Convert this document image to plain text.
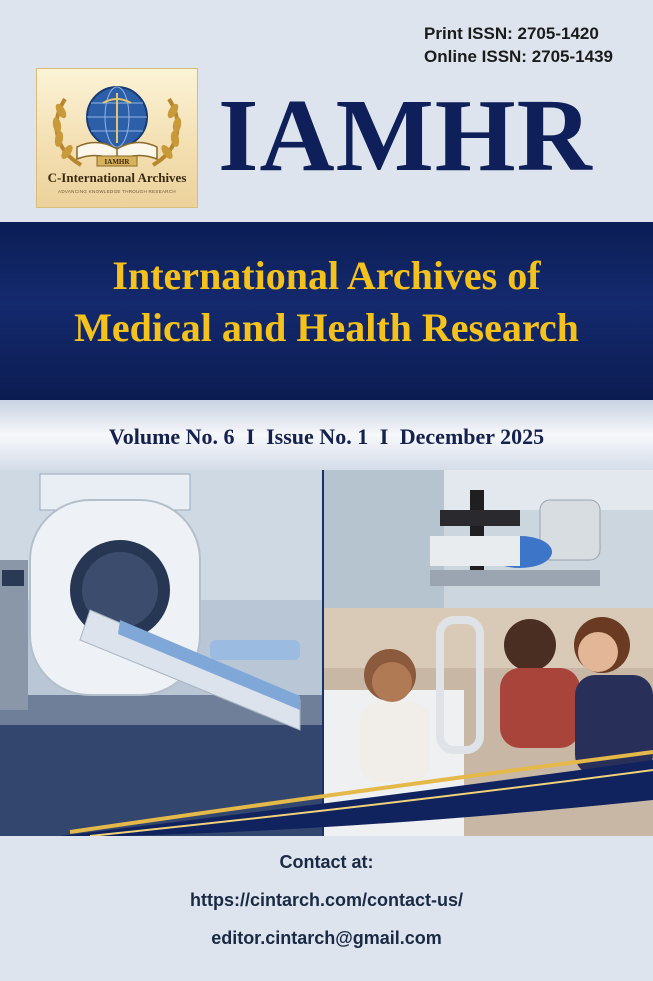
Print ISSN: 2705-1420
Online ISSN: 2705-1439
IAMHR
C-International Archives
ADVANCING KNOWLEDGE THROUGH RESEARCH IAMHR
International Archives of
Medical and Health Research
Volume No. 6 I Issue No. 1 I December 2025
Contact at:
https://cintarch.com/contact-us/
editor.cintarch@gmail.com
